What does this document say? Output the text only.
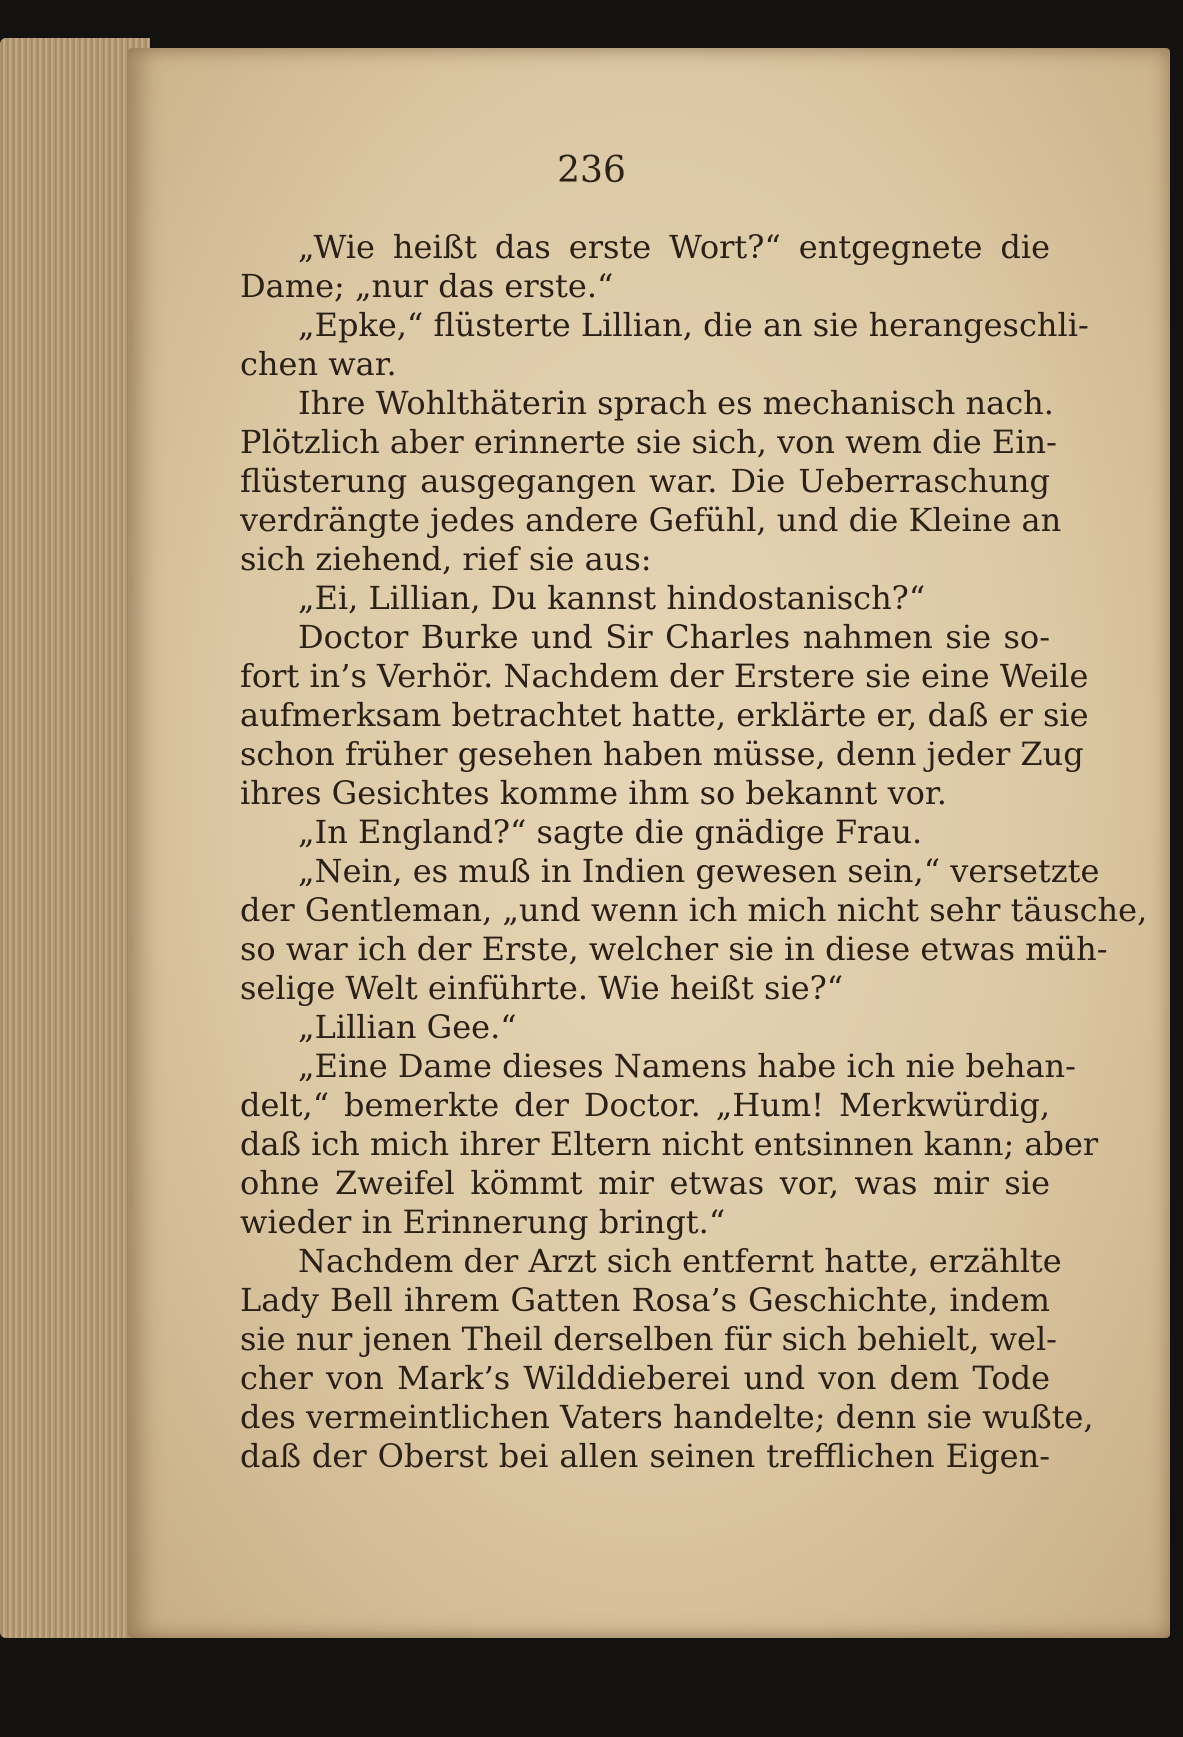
236
„Wie heißt das erste Wort?“ entgegnete die
Dame; „nur das erste.“
„Epke,“ flüsterte Lillian, die an sie herangeschli-
chen war.
Ihre Wohlthäterin sprach es mechanisch nach.
Plötzlich aber erinnerte sie sich, von wem die Ein-
flüsterung ausgegangen war. Die Ueberraschung
verdrängte jedes andere Gefühl, und die Kleine an
sich ziehend, rief sie aus:
„Ei, Lillian, Du kannst hindostanisch?“
Doctor Burke und Sir Charles nahmen sie so-
fort in’s Verhör. Nachdem der Erstere sie eine Weile
aufmerksam betrachtet hatte, erklärte er, daß er sie
schon früher gesehen haben müsse, denn jeder Zug
ihres Gesichtes komme ihm so bekannt vor.
„In England?“ sagte die gnädige Frau.
„Nein, es muß in Indien gewesen sein,“ versetzte
der Gentleman, „und wenn ich mich nicht sehr täusche,
so war ich der Erste, welcher sie in diese etwas müh-
selige Welt einführte. Wie heißt sie?“
„Lillian Gee.“
„Eine Dame dieses Namens habe ich nie behan-
delt,“ bemerkte der Doctor. „Hum! Merkwürdig,
daß ich mich ihrer Eltern nicht entsinnen kann; aber
ohne Zweifel kömmt mir etwas vor, was mir sie
wieder in Erinnerung bringt.“
Nachdem der Arzt sich entfernt hatte, erzählte
Lady Bell ihrem Gatten Rosa’s Geschichte, indem
sie nur jenen Theil derselben für sich behielt, wel-
cher von Mark’s Wilddieberei und von dem Tode
des vermeintlichen Vaters handelte; denn sie wußte,
daß der Oberst bei allen seinen trefflichen Eigen-
